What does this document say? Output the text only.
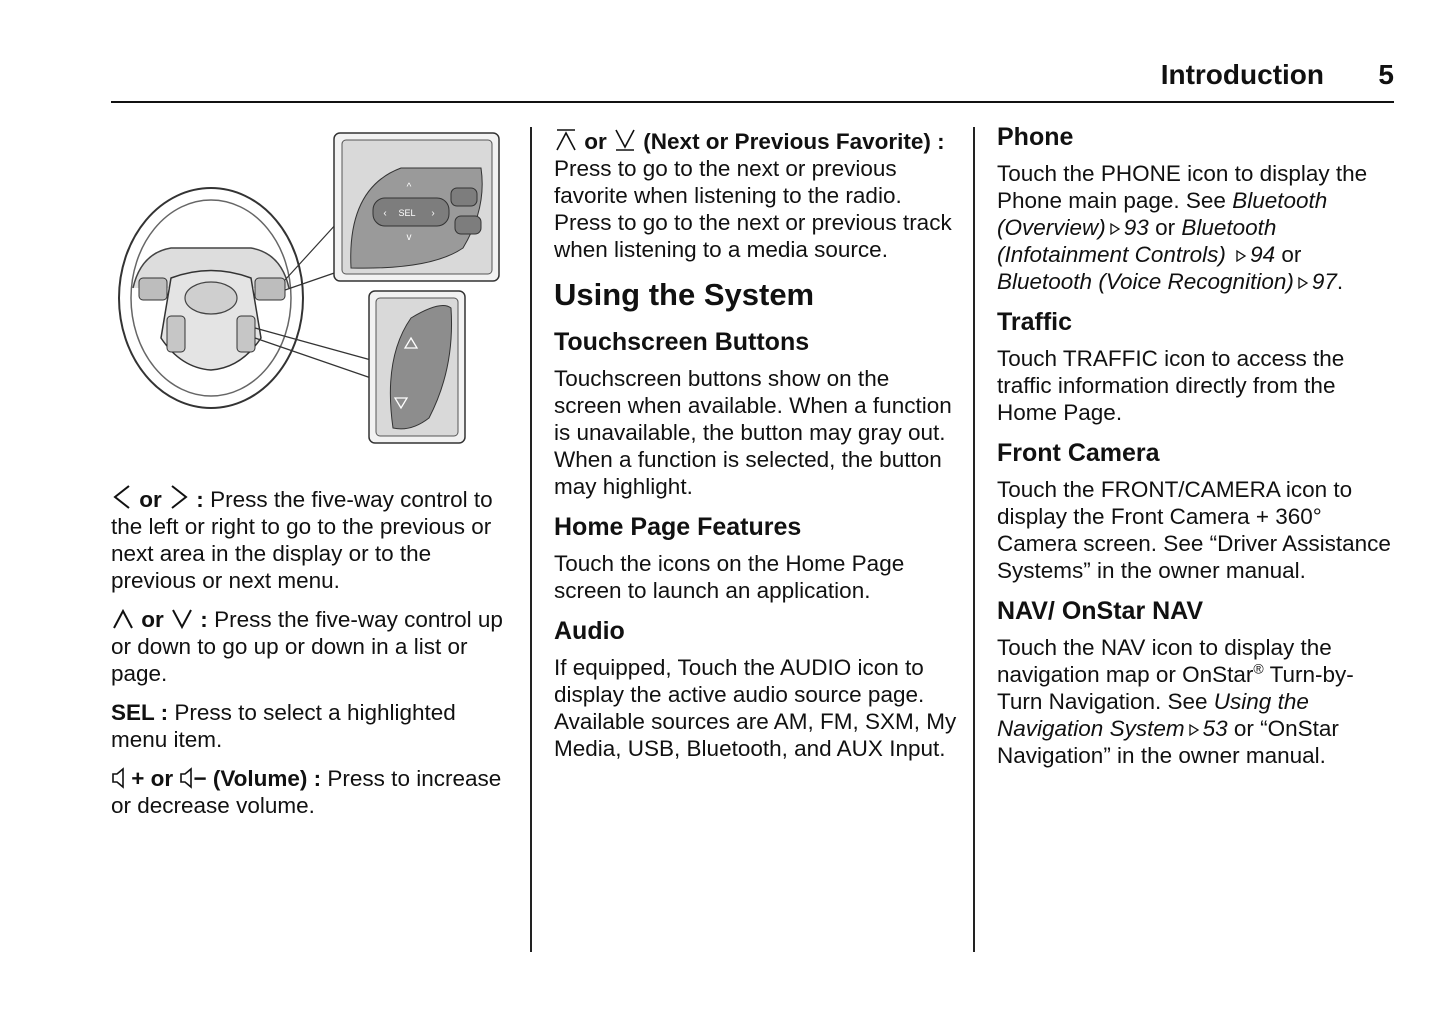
Introduction 5
SEL
‹	›
^
v

or : Press the five-way control to the left or right to go to the previous or next area in the display or to the previous or next menu.

or : Press the five-way control up or down to go up or down in a list or page.

SEL : Press to select a highlighted menu item.

+ or − (Volume) : Press to increase or decrease volume.

or (Next or Previous Favorite) : Press to go to the next or previous favorite when listening to the radio. Press to go to the next or previous track when listening to a media source.

Using the System
Touchscreen Buttons

Touchscreen buttons show on the screen when available. When a function is unavailable, the button may gray out. When a function is selected, the button may highlight.

Home Page Features

Touch the icons on the Home Page screen to launch an application.

Audio

If equipped, Touch the AUDIO icon to display the active audio source page. Available sources are AM, FM, SXM, My Media, USB, Bluetooth, and AUX Input.

Phone

Touch the PHONE icon to display the Phone main page. See Bluetooth (Overview) 93 or Bluetooth (Infotainment Controls) 94 or Bluetooth (Voice Recognition) 97.

Traffic

Touch TRAFFIC icon to access the traffic information directly from the Home Page.

Front Camera

Touch the FRONT/CAMERA icon to display the Front Camera + 360° Camera screen. See “Driver Assistance Systems” in the owner manual.

NAV/ OnStar NAV

Touch the NAV icon to display the navigation map or OnStar® Turn-by-Turn Navigation. See Using the Navigation System 53 or “OnStar Navigation” in the owner manual.
